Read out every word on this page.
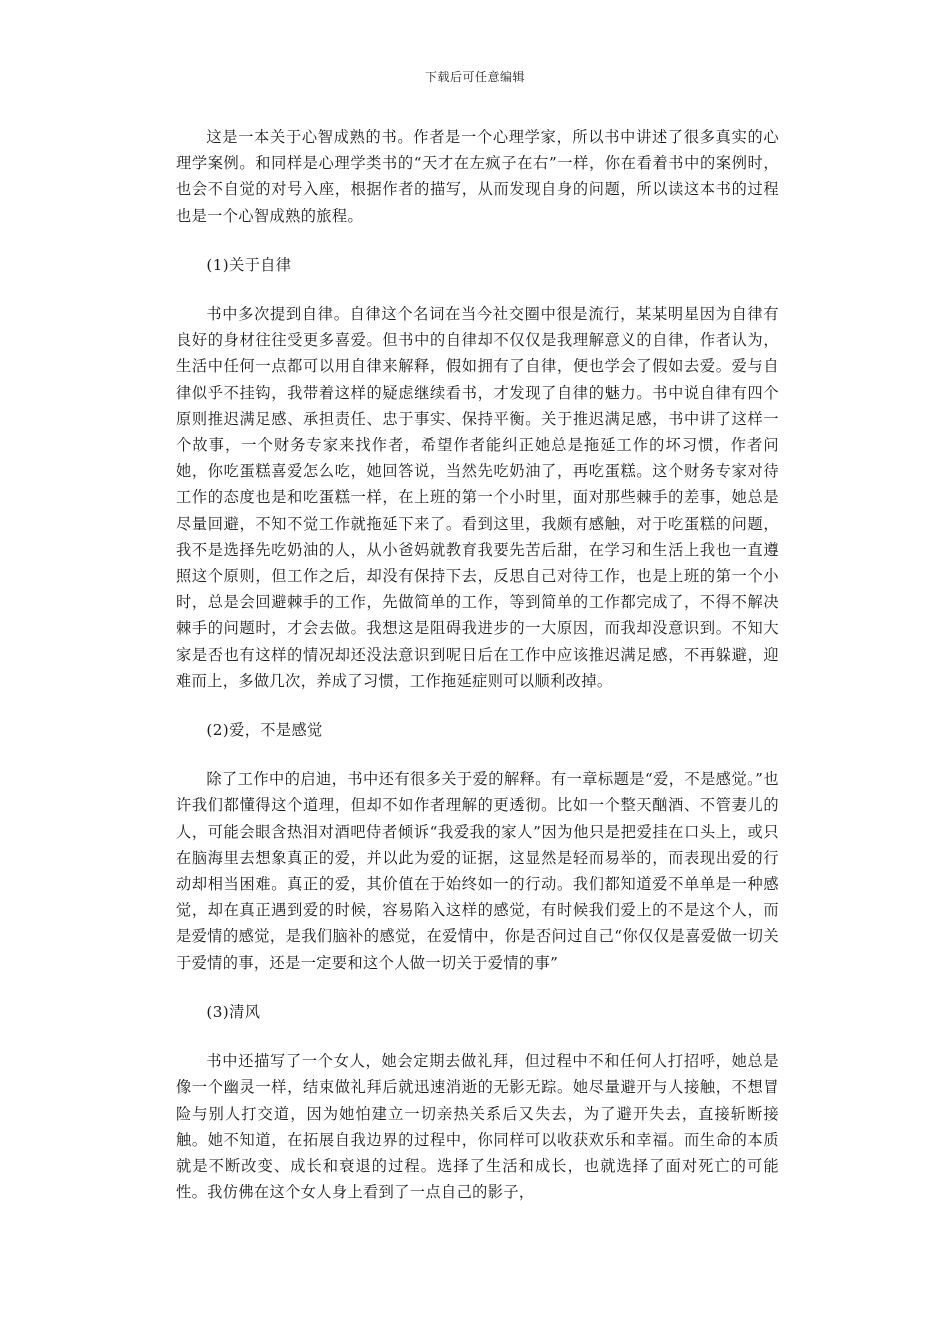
下载后可任意编辑

这是一本关于心智成熟的书。作者是一个心理学家，所以书中讲述了很多真实的心理学案例。和同样是心理学类书的“天才在左疯子在右”一样，你在看着书中的案例时，也会不自觉的对号入座，根据作者的描写，从而发现自身的问题，所以读这本书的过程也是一个心智成熟的旅程。

(1)关于自律

书中多次提到自律。自律这个名词在当今社交圈中很是流行，某某明星因为自律有良好的身材往往受更多喜爱。但书中的自律却不仅仅是我理解意义的自律，作者认为，生活中任何一点都可以用自律来解释，假如拥有了自律，便也学会了假如去爱。爱与自律似乎不挂钩，我带着这样的疑虑继续看书，才发现了自律的魅力。书中说自律有四个原则推迟满足感、承担责任、忠于事实、保持平衡。关于推迟满足感，书中讲了这样一个故事，一个财务专家来找作者，希望作者能纠正她总是拖延工作的坏习惯，作者问她，你吃蛋糕喜爱怎么吃，她回答说，当然先吃奶油了，再吃蛋糕。这个财务专家对待工作的态度也是和吃蛋糕一样，在上班的第一个小时里，面对那些棘手的差事，她总是尽量回避，不知不觉工作就拖延下来了。看到这里，我颇有感触，对于吃蛋糕的问题，我不是选择先吃奶油的人，从小爸妈就教育我要先苦后甜，在学习和生活上我也一直遵照这个原则，但工作之后，却没有保持下去，反思自己对待工作，也是上班的第一个小时，总是会回避棘手的工作，先做简单的工作，等到简单的工作都完成了，不得不解决棘手的问题时，才会去做。我想这是阻碍我进步的一大原因，而我却没意识到。不知大家是否也有这样的情况却还没法意识到呢日后在工作中应该推迟满足感，不再躲避，迎难而上，多做几次，养成了习惯，工作拖延症则可以顺利改掉。

(2)爱，不是感觉

除了工作中的启迪，书中还有很多关于爱的解释。有一章标题是“爱，不是感觉。”也许我们都懂得这个道理，但却不如作者理解的更透彻。比如一个整天酗酒、不管妻儿的人，可能会眼含热泪对酒吧侍者倾诉“我爱我的家人”因为他只是把爱挂在口头上，或只在脑海里去想象真正的爱，并以此为爱的证据，这显然是轻而易举的，而表现出爱的行动却相当困难。真正的爱，其价值在于始终如一的行动。我们都知道爱不单单是一种感觉，却在真正遇到爱的时候，容易陷入这样的感觉，有时候我们爱上的不是这个人，而是爱情的感觉，是我们脑补的感觉，在爱情中，你是否问过自己“你仅仅是喜爱做一切关于爱情的事，还是一定要和这个人做一切关于爱情的事”

(3)清风

书中还描写了一个女人，她会定期去做礼拜，但过程中不和任何人打招呼，她总是像一个幽灵一样，结束做礼拜后就迅速消逝的无影无踪。她尽量避开与人接触，不想冒险与别人打交道，因为她怕建立一切亲热关系后又失去，为了避开失去，直接斩断接触。她不知道，在拓展自我边界的过程中，你同样可以收获欢乐和幸福。而生命的本质就是不断改变、成长和衰退的过程。选择了生活和成长，也就选择了面对死亡的可能性。我仿佛在这个女人身上看到了一点自己的影子，
